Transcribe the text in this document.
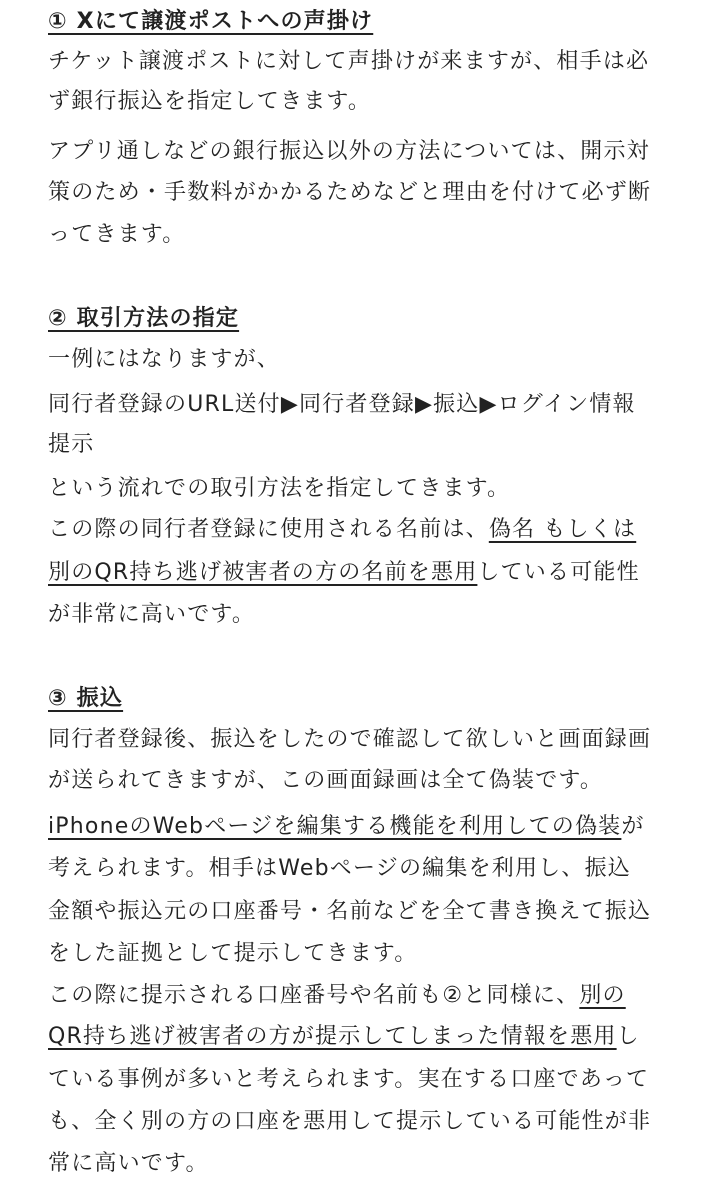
① Xにて譲渡ポストへの声掛け
チケット譲渡ポストに対して声掛けが来ますが、相手は必
ず銀行振込を指定してきます。
アプリ通しなどの銀行振込以外の方法については、開示対
策のため・手数料がかかるためなどと理由を付けて必ず断
ってきます。
② 取引方法の指定
一例にはなりますが、
同行者登録のURL送付▶同行者登録▶振込▶ログイン情報
提示
という流れでの取引方法を指定してきます。
この際の同行者登録に使用される名前は、偽名 もしくは
別のQR持ち逃げ被害者の方の名前を悪用している可能性
が非常に高いです。
③ 振込
同行者登録後、振込をしたので確認して欲しいと画面録画
が送られてきますが、この画面録画は全て偽装です。
iPhoneのWebページを編集する機能を利用しての偽装が
考えられます。相手はWebページの編集を利用し、振込
金額や振込元の口座番号・名前などを全て書き換えて振込
をした証拠として提示してきます。
この際に提示される口座番号や名前も②と同様に、別の
QR持ち逃げ被害者の方が提示してしまった情報を悪用し
ている事例が多いと考えられます。実在する口座であって
も、全く別の方の口座を悪用して提示している可能性が非
常に高いです。
